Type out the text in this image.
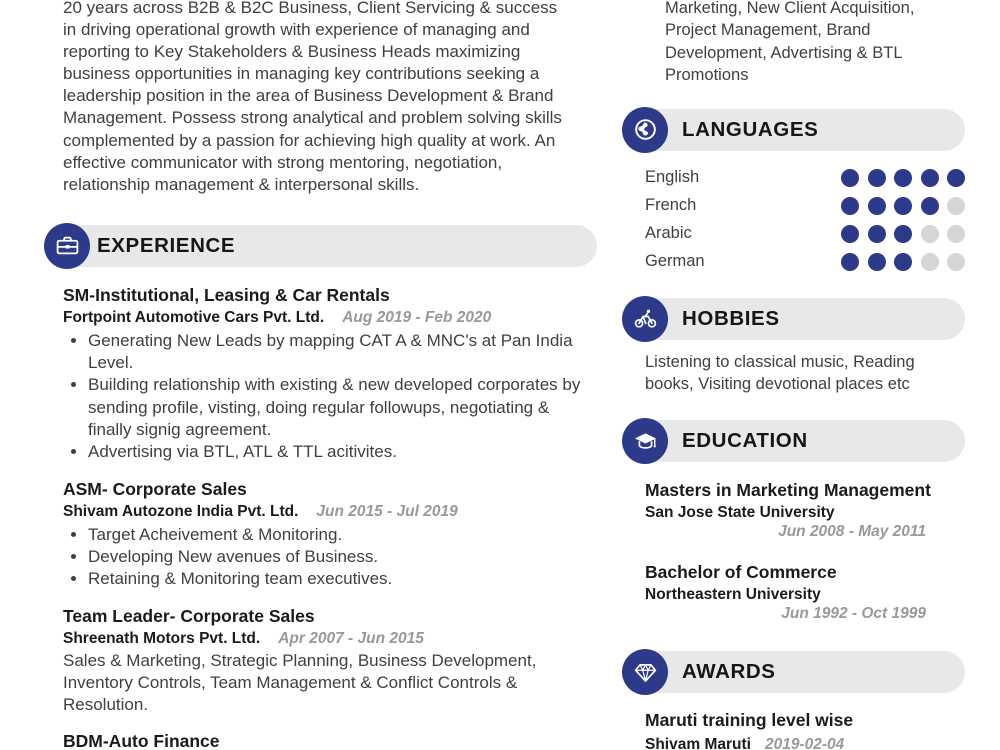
20 years across B2B & B2C Business, Client Servicing & success in driving operational growth with experience of managing and reporting to Key Stakeholders & Business Heads maximizing business opportunities in managing key contributions seeking a leadership position in the area of Business Development & Brand Management. Possess strong analytical and problem solving skills complemented by a passion for achieving high quality at work. An effective communicator with strong mentoring, negotiation, relationship management & interpersonal skills.
EXPERIENCE
SM-Institutional, Leasing & Car Rentals
Fortpoint Automotive Cars Pvt. Ltd. Aug 2019 - Feb 2020
• Generating New Leads by mapping CAT A & MNC's at Pan India Level.
• Building relationship with existing & new developed corporates by sending profile, visting, doing regular followups, negotiating & finally signig agreement.
• Advertising via BTL, ATL & TTL acitivites.
ASM- Corporate Sales
Shivam Autozone India Pvt. Ltd. Jun 2015 - Jul 2019
• Target Acheivement & Monitoring.
• Developing New avenues of Business.
• Retaining & Monitoring team executives.
Team Leader- Corporate Sales
Shreenath Motors Pvt. Ltd. Apr 2007 - Jun 2015
Sales & Marketing, Strategic Planning, Business Development, Inventory Controls, Team Management & Conflict Controls & Resolution.
BDM-Auto Finance
Marketing, New Client Acquisition, Project Management, Brand Development, Advertising & BTL Promotions
LANGUAGES
English
French
Arabic
German
HOBBIES
Listening to classical music, Reading books, Visiting devotional places etc
EDUCATION
Masters in Marketing Management
San Jose State University
Jun 2008 - May 2011
Bachelor of Commerce
Northeastern University
Jun 1992 - Oct 1999
AWARDS
Maruti training level wise
Shivam Maruti 2019-02-04
